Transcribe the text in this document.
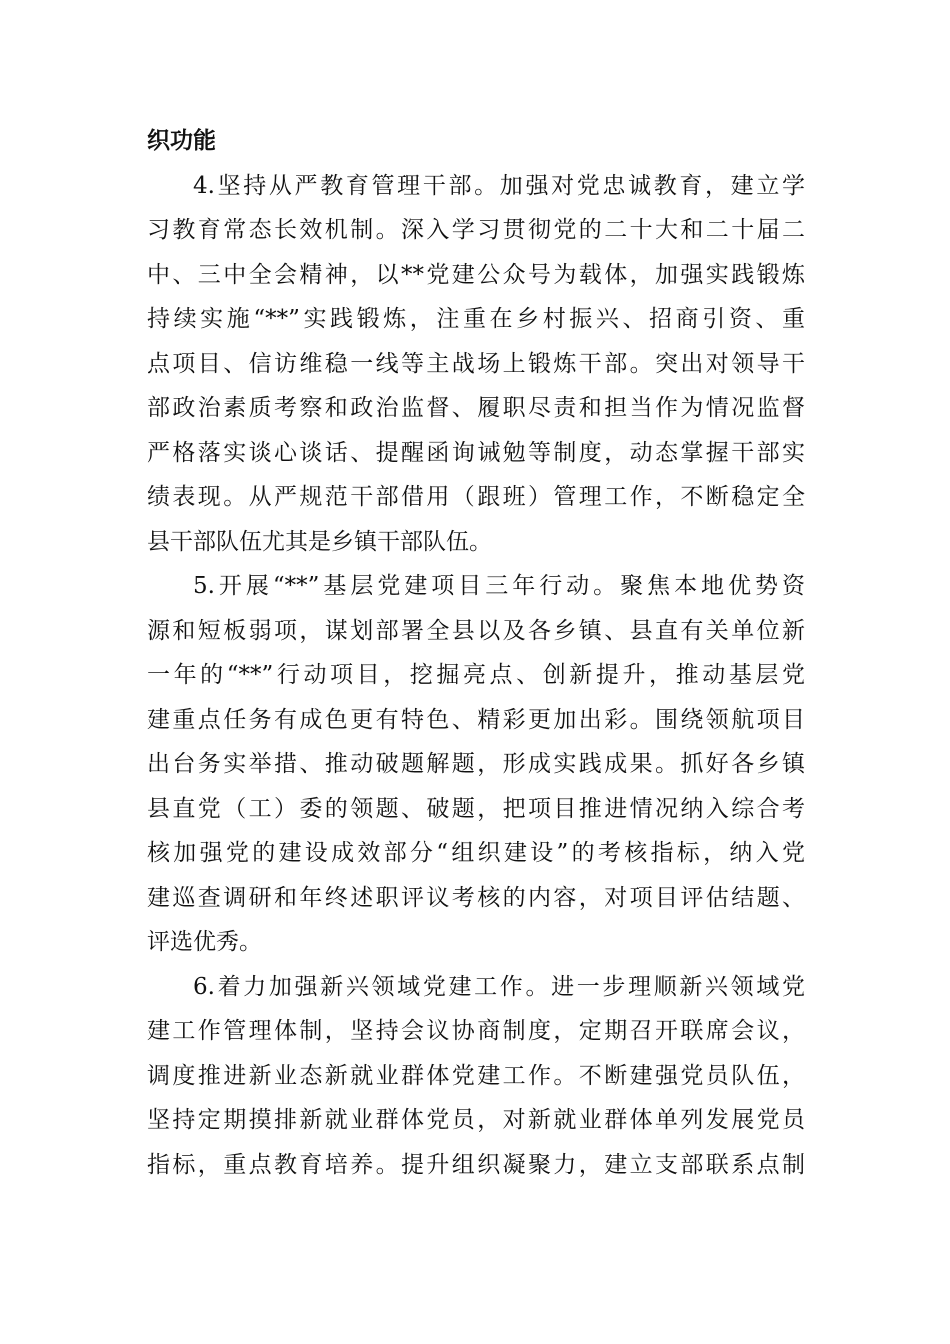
织功能
4.坚持从严教育管理干部。加强对党忠诚教育，建立学
习教育常态长效机制。深入学习贯彻党的二十大和二十届二
中、三中全会精神，以**党建公众号为载体，加强实践锻炼
持续实施“**”实践锻炼，注重在乡村振兴、招商引资、重
点项目、信访维稳一线等主战场上锻炼干部。突出对领导干
部政治素质考察和政治监督、履职尽责和担当作为情况监督
严格落实谈心谈话、提醒函询诫勉等制度，动态掌握干部实
绩表现。从严规范干部借用（跟班）管理工作，不断稳定全
县干部队伍尤其是乡镇干部队伍。
5.开展“**”基层党建项目三年行动。聚焦本地优势资
源和短板弱项，谋划部署全县以及各乡镇、县直有关单位新
一年的“**”行动项目，挖掘亮点、创新提升，推动基层党
建重点任务有成色更有特色、精彩更加出彩。围绕领航项目
出台务实举措、推动破题解题，形成实践成果。抓好各乡镇
县直党（工）委的领题、破题，把项目推进情况纳入综合考
核加强党的建设成效部分“组织建设”的考核指标，纳入党
建巡查调研和年终述职评议考核的内容，对项目评估结题、
评选优秀。
6.着力加强新兴领域党建工作。进一步理顺新兴领域党
建工作管理体制，坚持会议协商制度，定期召开联席会议，
调度推进新业态新就业群体党建工作。不断建强党员队伍，
坚持定期摸排新就业群体党员，对新就业群体单列发展党员
指标，重点教育培养。提升组织凝聚力，建立支部联系点制
